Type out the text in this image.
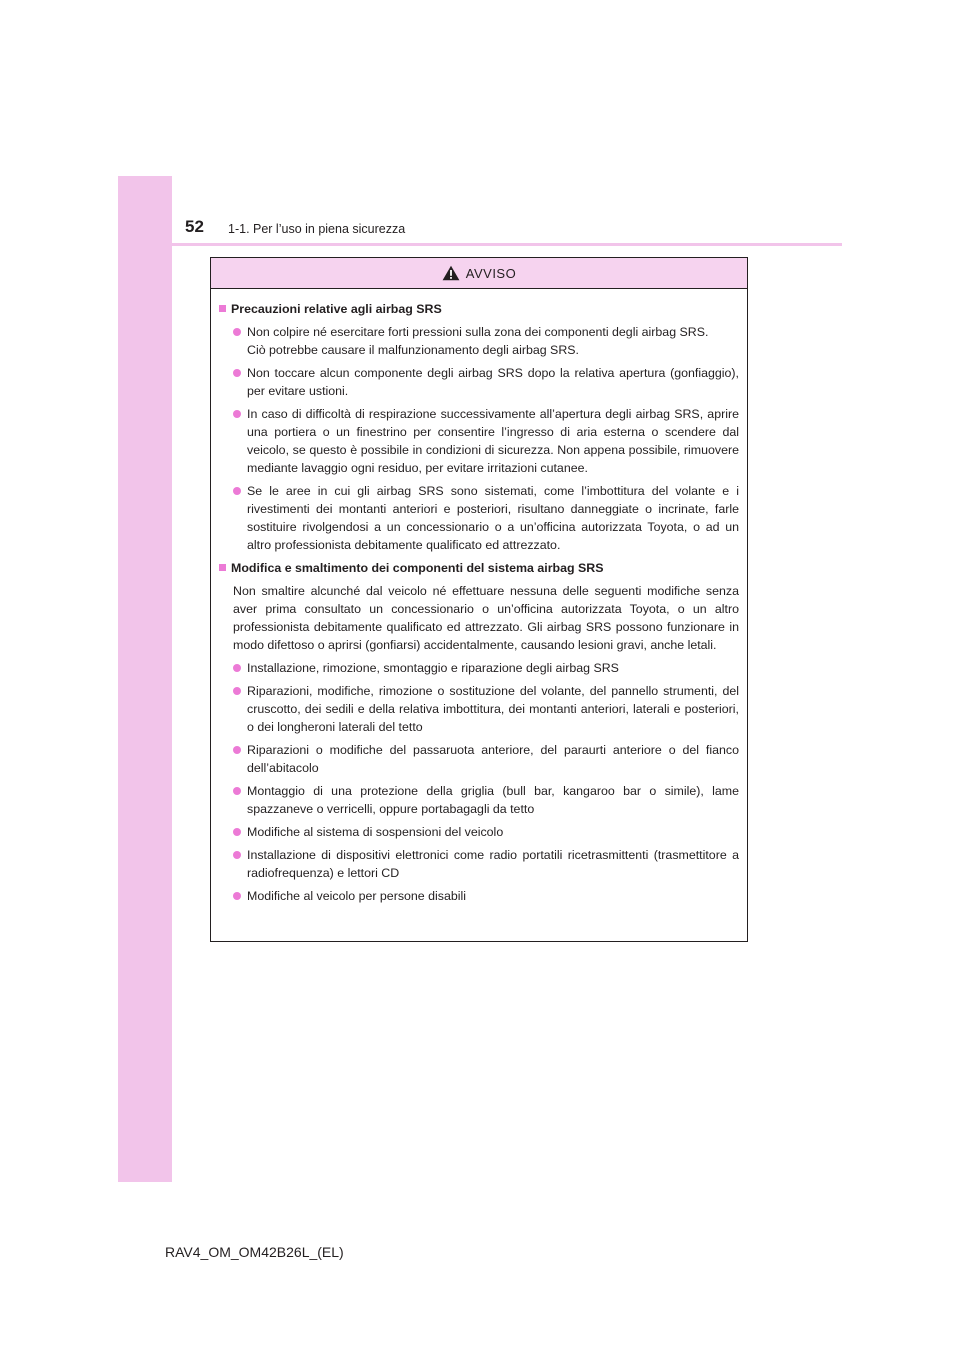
52 1-1. Per l’uso in piena sicurezza
AVVISO
Precauzioni relative agli airbag SRS
Non colpire né esercitare forti pressioni sulla zona dei componenti degli airbag SRS.
Ciò potrebbe causare il malfunzionamento degli airbag SRS.
Non toccare alcun componente degli airbag SRS dopo la relativa apertura (gonfiaggio), per evitare ustioni.
In caso di difficoltà di respirazione successivamente all’apertura degli airbag SRS, aprire una portiera o un finestrino per consentire l’ingresso di aria esterna o scendere dal veicolo, se questo è possibile in condizioni di sicurezza. Non appena possibile, rimuovere mediante lavaggio ogni residuo, per evitare irritazioni cutanee.
Se le aree in cui gli airbag SRS sono sistemati, come l’imbottitura del volante e i rivestimenti dei montanti anteriori e posteriori, risultano danneggiate o incrinate, farle sostituire rivolgendosi a un concessionario o a un’officina autorizzata Toyota, o ad un altro professionista debitamente qualificato ed attrezzato.
Modifica e smaltimento dei componenti del sistema airbag SRS
Non smaltire alcunché dal veicolo né effettuare nessuna delle seguenti modifiche senza aver prima consultato un concessionario o un’officina autorizzata Toyota, o un altro professionista debitamente qualificato ed attrezzato. Gli airbag SRS possono funzionare in modo difettoso o aprirsi (gonfiarsi) accidentalmente, causando lesioni gravi, anche letali.
Installazione, rimozione, smontaggio e riparazione degli airbag SRS
Riparazioni, modifiche, rimozione o sostituzione del volante, del pannello strumenti, del cruscotto, dei sedili e della relativa imbottitura, dei montanti anteriori, laterali e posteriori, o dei longheroni laterali del tetto
Riparazioni o modifiche del passaruota anteriore, del paraurti anteriore o del fianco dell’abitacolo
Montaggio di una protezione della griglia (bull bar, kangaroo bar o simile), lame spazzaneve o verricelli, oppure portabagagli da tetto
Modifiche al sistema di sospensioni del veicolo
Installazione di dispositivi elettronici come radio portatili ricetrasmittenti (trasmettitore a radiofrequenza) e lettori CD
Modifiche al veicolo per persone disabili
RAV4_OM_OM42B26L_(EL)
